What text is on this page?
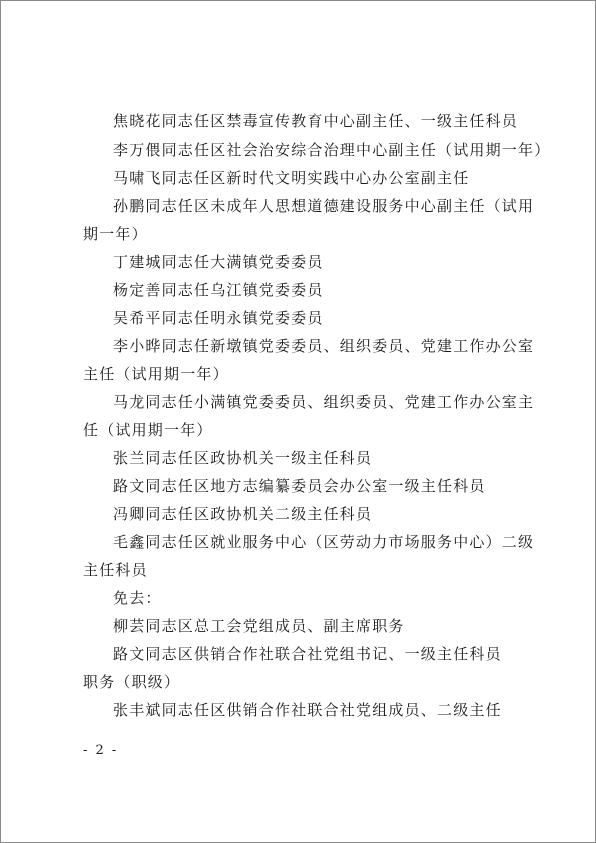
焦晓花同志任区禁毒宣传教育中心副主任、一级主任科员
李万偎同志任区社会治安综合治理中心副主任（试用期一年）
马啸飞同志任区新时代文明实践中心办公室副主任
孙鹏同志任区未成年人思想道德建设服务中心副主任（试用
期一年）
丁建城同志任大满镇党委委员
杨定善同志任乌江镇党委委员
吴希平同志任明永镇党委委员
李小晔同志任新墩镇党委委员、组织委员、党建工作办公室
主任（试用期一年）
马龙同志任小满镇党委委员、组织委员、党建工作办公室主
任（试用期一年）
张兰同志任区政协机关一级主任科员
路文同志任区地方志编纂委员会办公室一级主任科员
冯卿同志任区政协机关二级主任科员
毛鑫同志任区就业服务中心（区劳动力市场服务中心）二级
主任科员
免去：
柳芸同志区总工会党组成员、副主席职务
路文同志区供销合作社联合社党组书记、一级主任科员
职务（职级）
张丰斌同志任区供销合作社联合社党组成员、二级主任
- 2 -
